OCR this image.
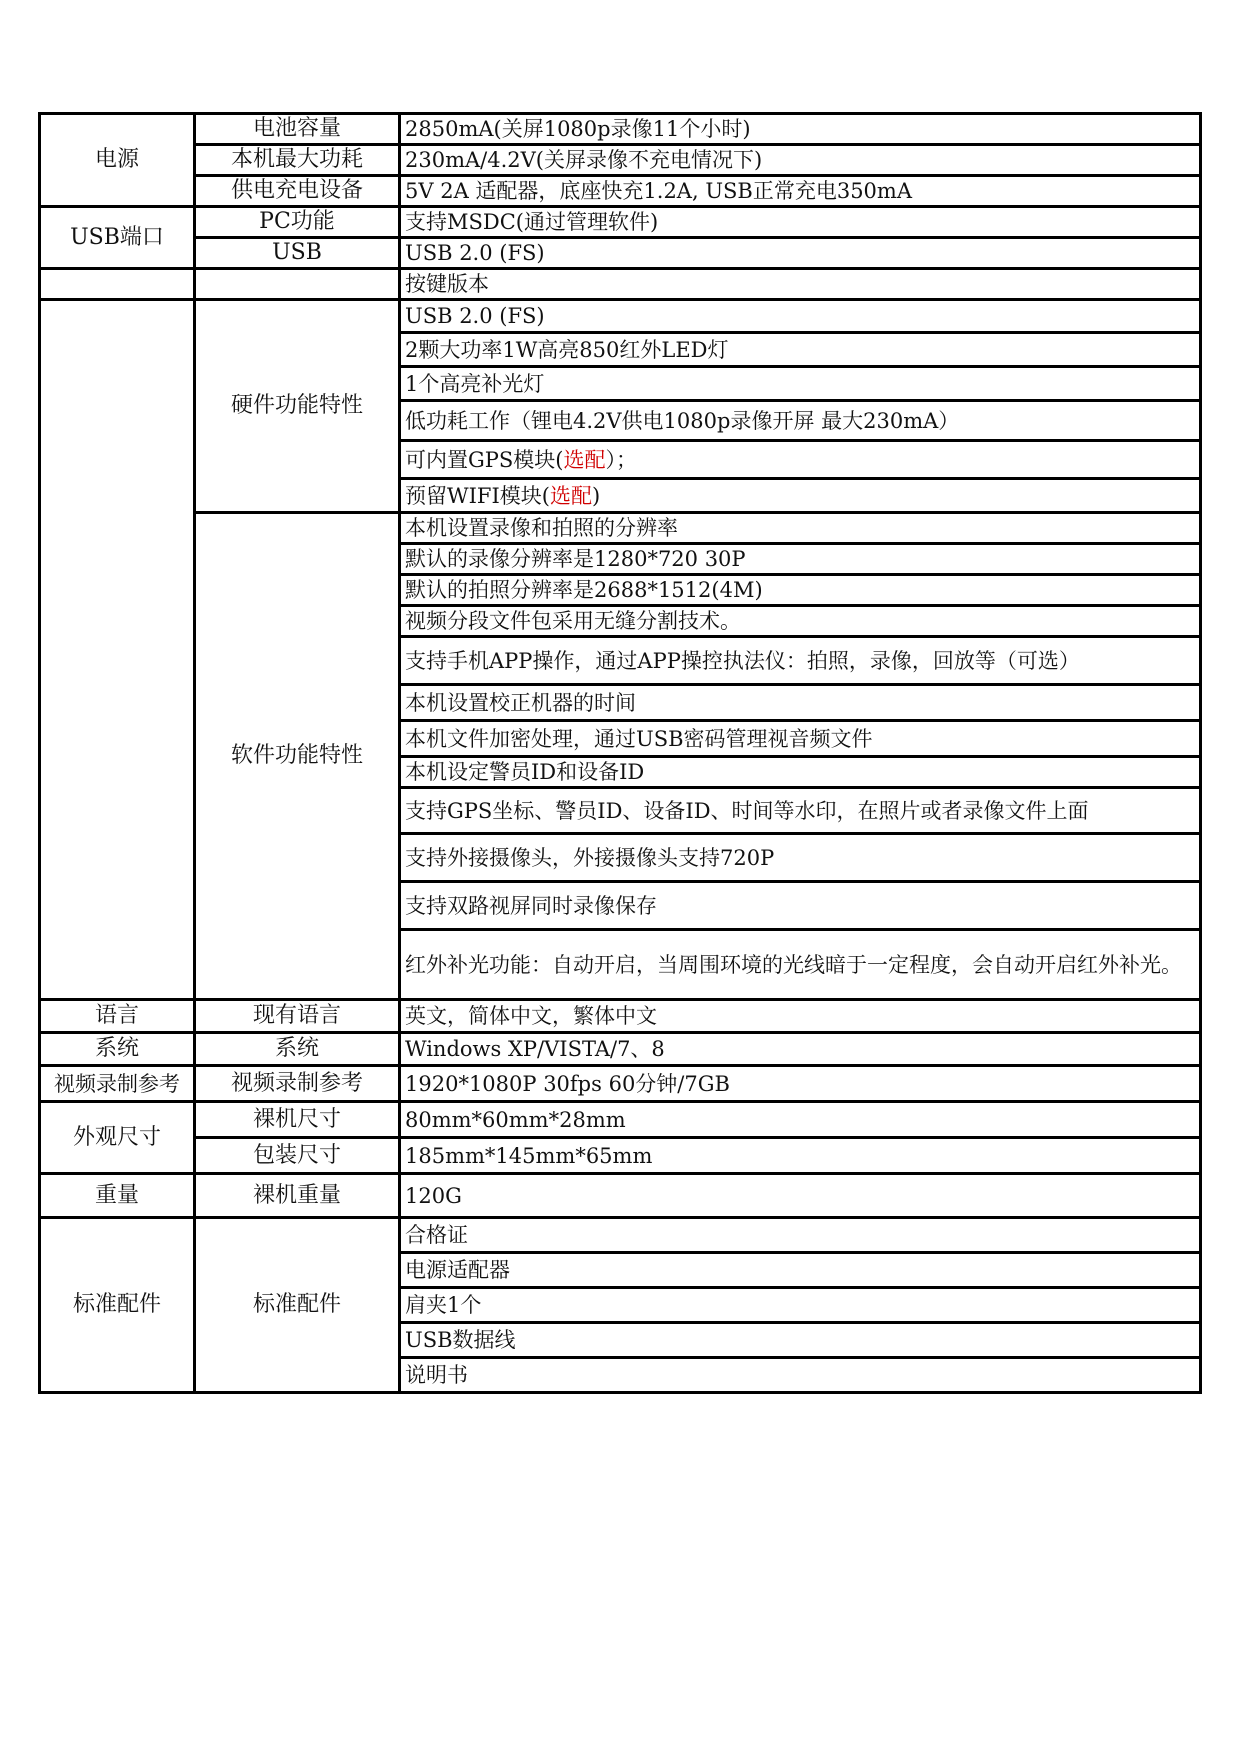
电源	电池容量	2850mA(关屏1080p录像11个小时)
	本机最大功耗	230mA/4.2V(关屏录像不充电情况下)
	供电充电设备	5V 2A 适配器，底座快充1.2A, USB正常充电350mA
USB端口	PC功能	支持MSDC(通过管理软件)
	USB	USB 2.0 (FS)
		按键版本
	硬件功能特性	USB 2.0 (FS)
		2颗大功率1W高亮850红外LED灯
		1个高亮补光灯
		低功耗工作（锂电4.2V供电1080p录像开屏 最大230mA）
		可内置GPS模块(选配）；
		预留WIFI模块(选配)
	软件功能特性	本机设置录像和拍照的分辨率
		默认的录像分辨率是1280*720 30P
		默认的拍照分辨率是2688*1512(4M)
		视频分段文件包采用无缝分割技术。
		支持手机APP操作，通过APP操控执法仪：拍照，录像，回放等（可选）
		本机设置校正机器的时间
		本机文件加密处理，通过USB密码管理视音频文件
		本机设定警员ID和设备ID
		支持GPS坐标、警员ID、设备ID、时间等水印，在照片或者录像文件上面
		支持外接摄像头，外接摄像头支持720P
		支持双路视屏同时录像保存
		红外补光功能：自动开启，当周围环境的光线暗于一定程度，会自动开启红外补光。
语言	现有语言	英文，简体中文，繁体中文
系统	系统	Windows XP/VISTA/7、8
视频录制参考	视频录制参考	1920*1080P 30fps 60分钟/7GB
外观尺寸	裸机尺寸	80mm*60mm*28mm
	包装尺寸	185mm*145mm*65mm
重量	裸机重量	120G
标准配件	标准配件	合格证
		电源适配器
		肩夹1个
		USB数据线
		说明书
